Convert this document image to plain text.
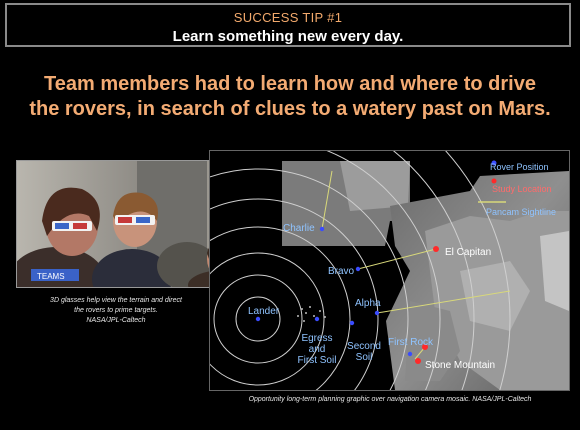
SUCCESS TIP #1
Learn something new every day.
Team members had to learn how and where to drive
the rovers, in search of clues to a watery past on Mars.
TEAMS
3D glasses help view the terrain and direct
the rovers to prime targets.
NASA/JPL-Caltech
Rover Position
Study Location
Pancam Sightline
Charlie
Bravo
El Capitan
Alpha
Lander
Egress
and
First Soil
Second
Soil
First Rock
Stone Mountain
Opportunity long-term planning graphic over navigation camera mosaic. NASA/JPL-Caltech
